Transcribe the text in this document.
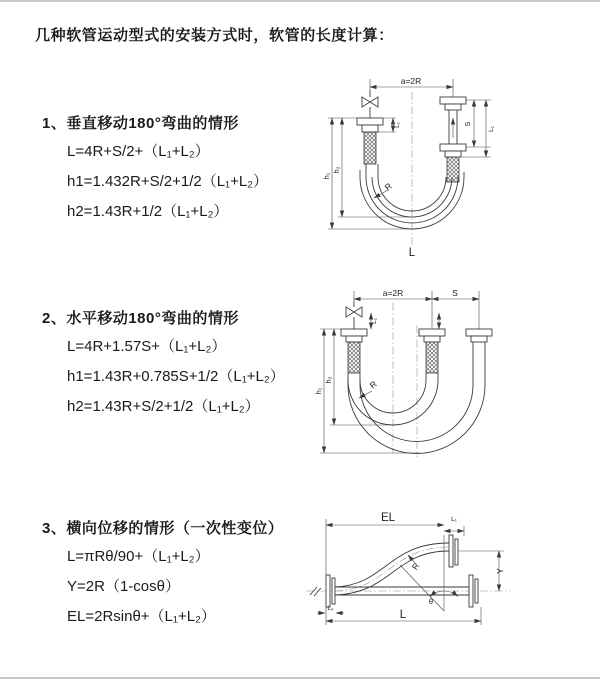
几种软管运动型式的安装方式时，软管的长度计算：
1、垂直移动180°弯曲的情形
L=4R+S/2+（L₁+L₂）
h1=1.432R+S/2+1/2（L₁+L₂）
h2=1.43R+1/2（L₁+L₂）
2、水平移动180°弯曲的情形
L=4R+1.57S+（L₁+L₂）
h1=1.43R+0.785S+1/2（L₁+L₂）
h2=1.43R+S/2+1/2（L₁+L₂）
3、横向位移的情形（一次性变位）
L=πRθ/90+（L₁+L₂）
Y=2R（1-cosθ）
EL=2Rsinθ+（L₁+L₂）
a=2R
L₁	S
L₁
h₂
h₁
R
L
a=2R	S
L₁
h₂
h₁
R
EL	L₁
Y
R
θ
L
L₂
